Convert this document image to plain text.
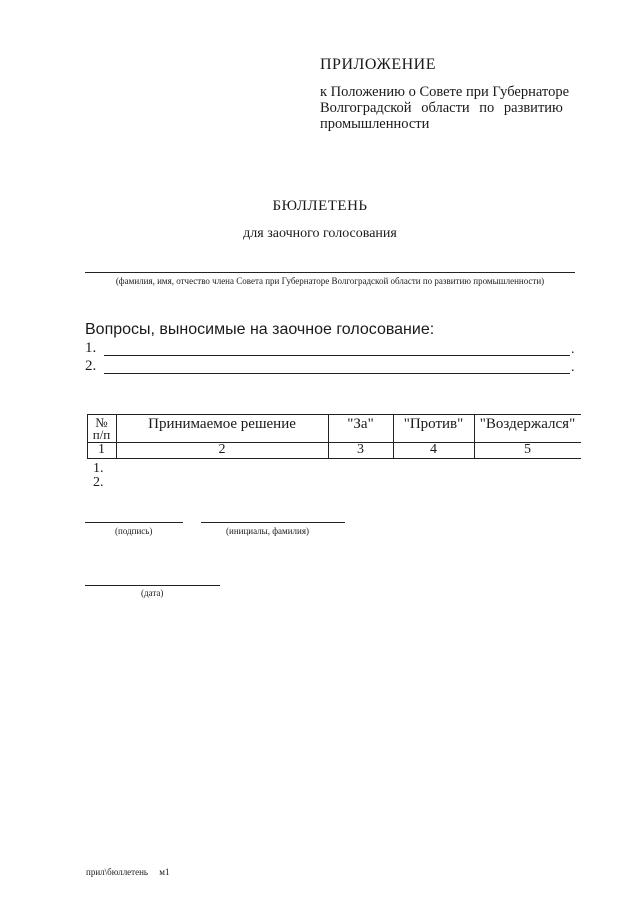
ПРИЛОЖЕНИЕ
к Положению о Совете при Губернаторе
Волгоградской области по развитию
промышленности
БЮЛЛЕТЕНЬ
для заочного голосования
(фамилия, имя, отчество члена Совета при Губернаторе Волгоградской области по развитию промышленности)
Вопросы, выносимые на заочное голосование:
1.	.
2.	.
№
п/п
Принимаемое решение	"За"	"Против"	"Воздержался"
1	2	3	4	5
1.
2.
(подпись)	(инициалы, фамилия)
(дата)
прил\бюллетень     м1
